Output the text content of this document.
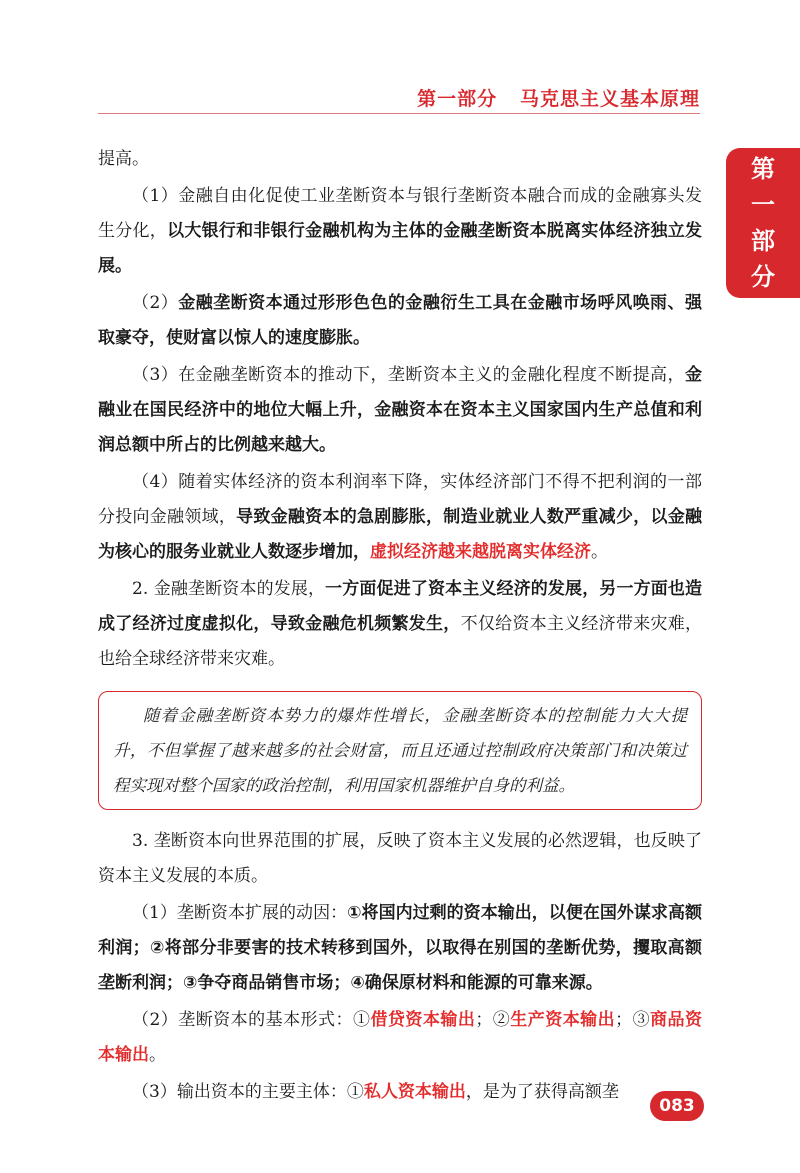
第一部分   马克思主义基本原理
第
一
部
分

提高。

（1）金融自由化促使工业垄断资本与银行垄断资本融合而成的金融寡头发生分化，以大银行和非银行金融机构为主体的金融垄断资本脱离实体经济独立发展。

（2）金融垄断资本通过形形色色的金融衍生工具在金融市场呼风唤雨、强取豪夺，使财富以惊人的速度膨胀。

（3）在金融垄断资本的推动下，垄断资本主义的金融化程度不断提高，金融业在国民经济中的地位大幅上升，金融资本在资本主义国家国内生产总值和利润总额中所占的比例越来越大。

（4）随着实体经济的资本利润率下降，实体经济部门不得不把利润的一部分投向金融领域，导致金融资本的急剧膨胀，制造业就业人数严重减少，以金融为核心的服务业就业人数逐步增加，虚拟经济越来越脱离实体经济。

2. 金融垄断资本的发展，一方面促进了资本主义经济的发展，另一方面也造成了经济过度虚拟化，导致金融危机频繁发生，不仅给资本主义经济带来灾难，也给全球经济带来灾难。

随着金融垄断资本势力的爆炸性增长，金融垄断资本的控制能力大大提升，不但掌握了越来越多的社会财富，而且还通过控制政府决策部门和决策过程实现对整个国家的政治控制，利用国家机器维护自身的利益。

3. 垄断资本向世界范围的扩展，反映了资本主义发展的必然逻辑，也反映了资本主义发展的本质。

（1）垄断资本扩展的动因：①将国内过剩的资本输出，以便在国外谋求高额利润；②将部分非要害的技术转移到国外，以取得在别国的垄断优势，攫取高额垄断利润；③争夺商品销售市场；④确保原材料和能源的可靠来源。

（2）垄断资本的基本形式：①借贷资本输出；②生产资本输出；③商品资本输出。

（3）输出资本的主要主体：①私人资本输出，是为了获得高额垄

083
